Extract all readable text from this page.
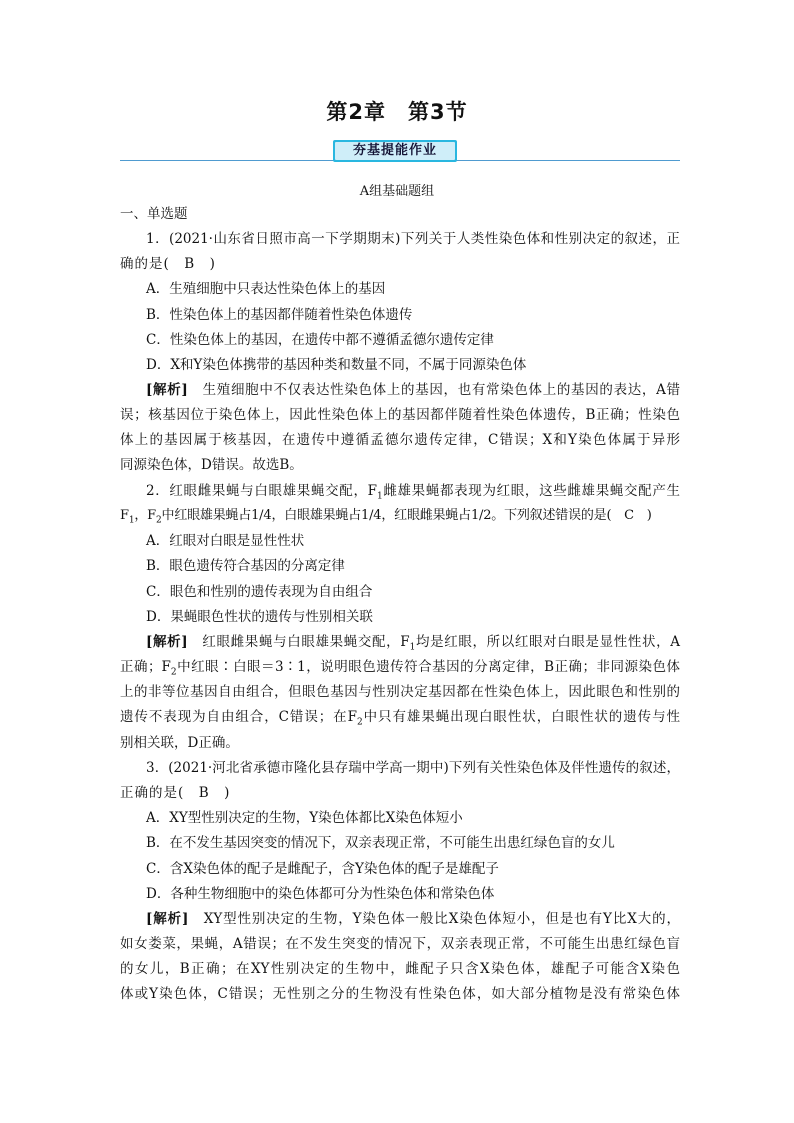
第2章　第3节
夯基提能作业
A组基础题组
一、单选题
1．(2021·山东省日照市高一下学期期末)下列关于人类性染色体和性别决定的叙述，正
确的是(　B　)
A．生殖细胞中只表达性染色体上的基因
B．性染色体上的基因都伴随着性染色体遗传
C．性染色体上的基因，在遗传中都不遵循孟德尔遗传定律
D．X和Y染色体携带的基因种类和数量不同，不属于同源染色体
[解析]　生殖细胞中不仅表达性染色体上的基因，也有常染色体上的基因的表达，A错
误；核基因位于染色体上，因此性染色体上的基因都伴随着性染色体遗传，B正确；性染色
体上的基因属于核基因，在遗传中遵循孟德尔遗传定律，C错误；X和Y染色体属于异形
同源染色体，D错误。故选B。
2．红眼雌果蝇与白眼雄果蝇交配，$F_1$雌雄果蝇都表现为红眼，这些雌雄果蝇交配产生
$F_1$，$F_2$中红眼雄果蝇占1/4，白眼雄果蝇占1/4，红眼雌果蝇占1/2。下列叙述错误的是(　C　)
A．红眼对白眼是显性性状
B．眼色遗传符合基因的分离定律
C．眼色和性别的遗传表现为自由组合
D．果蝇眼色性状的遗传与性别相关联
[解析]　红眼雌果蝇与白眼雄果蝇交配，$F_1$均是红眼，所以红眼对白眼是显性性状，A
正确；$F_2$中红眼∶白眼＝3∶1，说明眼色遗传符合基因的分离定律，B正确；非同源染色体
上的非等位基因自由组合，但眼色基因与性别决定基因都在性染色体上，因此眼色和性别的
遗传不表现为自由组合，C错误；在$F_2$中只有雄果蝇出现白眼性状，白眼性状的遗传与性
别相关联，D正确。
3．(2021·河北省承德市隆化县存瑞中学高一期中)下列有关性染色体及伴性遗传的叙述，
正确的是(　B　)
A．XY型性别决定的生物，Y染色体都比X染色体短小
B．在不发生基因突变的情况下，双亲表现正常，不可能生出患红绿色盲的女儿
C．含X染色体的配子是雌配子，含Y染色体的配子是雄配子
D．各种生物细胞中的染色体都可分为性染色体和常染色体
[解析]　XY型性别决定的生物，Y染色体一般比X染色体短小，但是也有Y比X大的，
如女娄菜，果蝇，A错误；在不发生突变的情况下，双亲表现正常，不可能生出患红绿色盲
的女儿，B正确；在XY性别决定的生物中，雌配子只含X染色体，雄配子可能含X染色
体或Y染色体，C错误；无性别之分的生物没有性染色体，如大部分植物是没有常染色体
